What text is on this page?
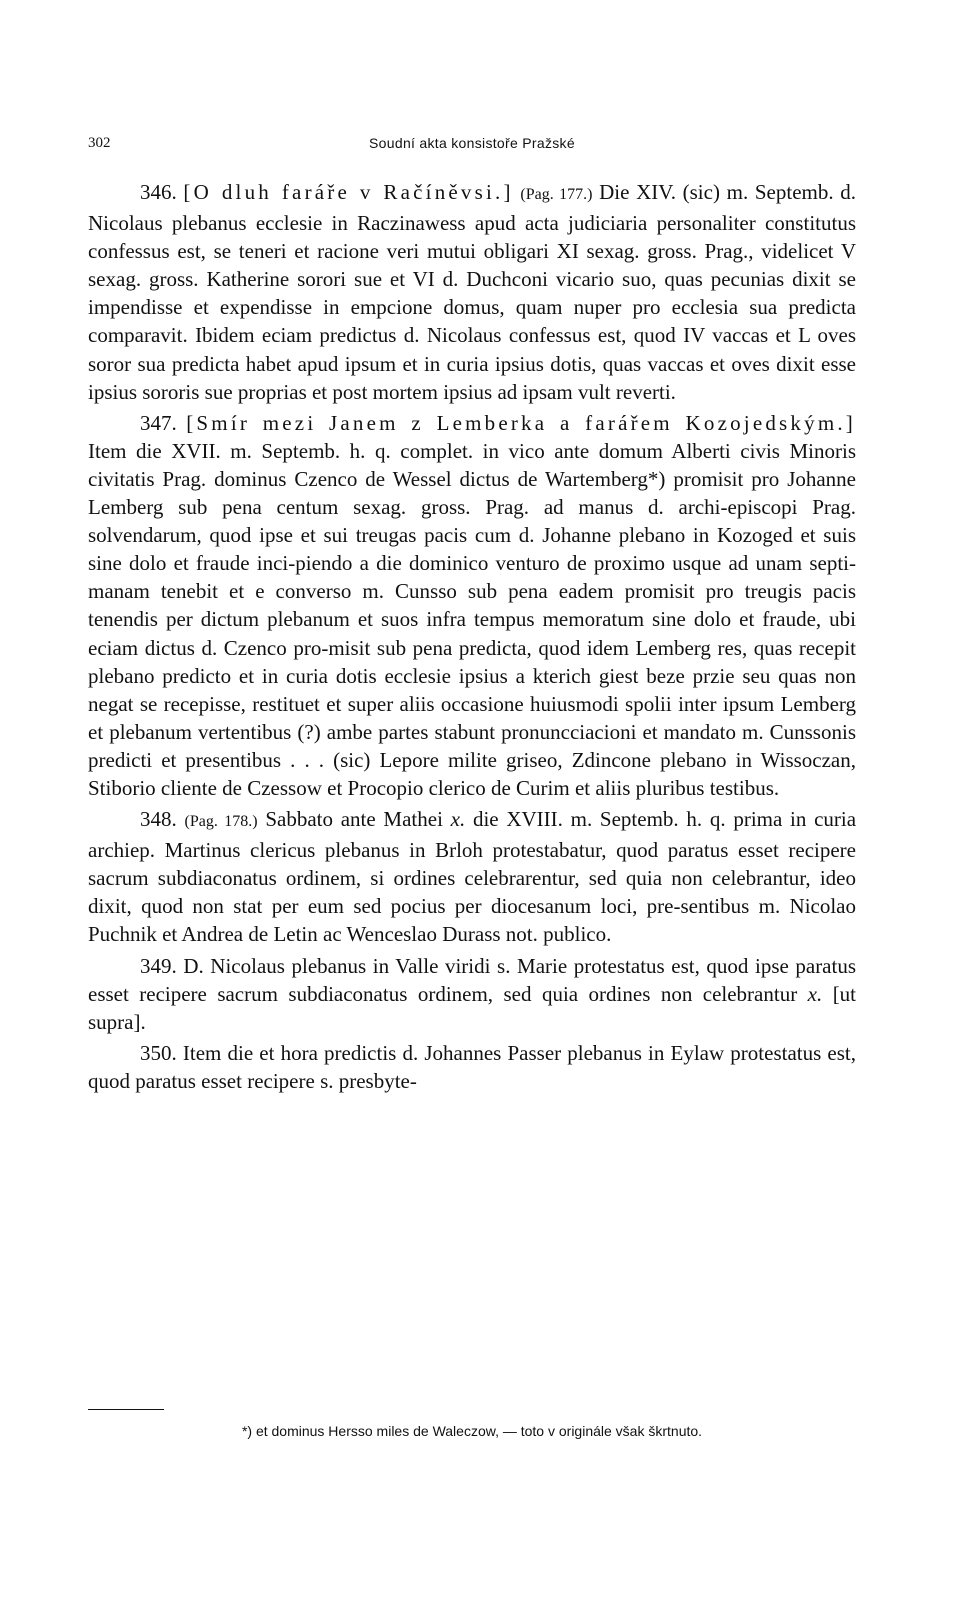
302	Soudní akta konsistoře Pražské

346. [O dluh faráře v Račíněvsi.] (Pag. 177.) Die XIV. (sic) m. Septemb. d. Nicolaus plebanus ecclesie in Raczinawess apud acta judiciaria personaliter constitutus confessus est, se teneri et racione veri mutui obligari XI sexag. gross. Prag., videlicet V sexag. gross. Katherine sorori sue et VI d. Duchconi vicario suo, quas pecunias dixit se impendisse et expendisse in empcione domus, quam nuper pro ecclesia sua predicta comparavit. Ibidem eciam predictus d. Nicolaus confessus est, quod IV vaccas et L oves soror sua predicta habet apud ipsum et in curia ipsius dotis, quas vaccas et oves dixit esse ipsius sororis sue proprias et post mortem ipsius ad ipsam vult reverti.

347. [Smír mezi Janem z Lemberka a farářem Kozojedským.] Item die XVII. m. Septemb. h. q. complet. in vico ante domum Alberti civis Minoris civitatis Prag. dominus Czenco de Wessel dictus de Wartemberg*) promisit pro Johanne Lemberg sub pena centum sexag. gross. Prag. ad manus d. archi-episcopi Prag. solvendarum, quod ipse et sui treugas pacis cum d. Johanne plebano in Kozoged et suis sine dolo et fraude inci-piendo a die dominico venturo de proximo usque ad unam septi-manam tenebit et e converso m. Cunsso sub pena eadem promisit pro treugis pacis tenendis per dictum plebanum et suos infra tempus memoratum sine dolo et fraude, ubi eciam dictus d. Czenco pro-misit sub pena predicta, quod idem Lemberg res, quas recepit plebano predicto et in curia dotis ecclesie ipsius a kterich giest beze przie seu quas non negat se recepisse, restituet et super aliis occasione huiusmodi spolii inter ipsum Lemberg et plebanum vertentibus (?) ambe partes stabunt pronuncciacioni et mandato m. Cunssonis predicti et presentibus . . . (sic) Lepore milite griseo, Zdincone plebano in Wissoczan, Stiborio cliente de Czessow et Procopio clerico de Curim et aliis pluribus testibus.

348. (Pag. 178.) Sabbato ante Mathei x. die XVIII. m. Septemb. h. q. prima in curia archiep. Martinus clericus plebanus in Brloh protestabatur, quod paratus esset recipere sacrum subdiaconatus ordinem, si ordines celebrarentur, sed quia non celebrantur, ideo dixit, quod non stat per eum sed pocius per diocesanum loci, pre-sentibus m. Nicolao Puchnik et Andrea de Letin ac Wenceslao Durass not. publico.

349. D. Nicolaus plebanus in Valle viridi s. Marie protestatus est, quod ipse paratus esset recipere sacrum subdiaconatus ordinem, sed quia ordines non celebrantur x. [ut supra].

350. Item die et hora predictis d. Johannes Passer plebanus in Eylaw protestatus est, quod paratus esset recipere s. presbyte-

*) et dominus Hersso miles de Waleczow, — toto v originále však škrtnuto.
